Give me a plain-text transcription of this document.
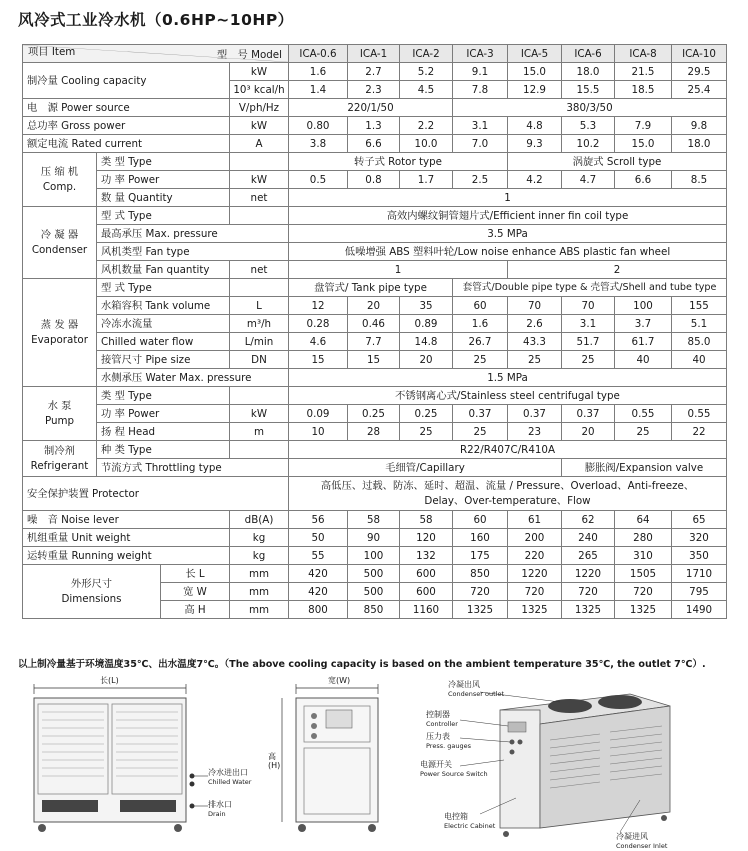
风冷式工业冷水机（0.6HP~10HP）
型　号 Model
项目 Item				ICA-0.6	ICA-1	ICA-2	ICA-3	ICA-5	ICA-6	ICA-8	ICA-10
制冷量 Cooling capacity			kW	1.6	2.7	5.2	9.1	15.0	18.0	21.5	29.5
			10³ kcal/h	1.4	2.3	4.5	7.8	12.9	15.5	18.5	25.4
电　源 Power source			V/ph/Hz	220/1/50			380/3/50				
总功率 Gross power			kW	0.80	1.3	2.2	3.1	4.8	5.3	7.9	9.8
额定电流 Rated current			A	3.8	6.6	10.0	7.0	9.3	10.2	15.0	18.0
压 缩 机
Comp.	类 型 Type			转子式 Rotor type				涡旋式 Scroll type			
	功 率 Power		kW	0.5	0.8	1.7	2.5	4.2	4.7	6.6	8.5
	数 量 Quantity		net	1							
冷 凝 器
Condenser	型 式 Type			高效内螺纹铜管翅片式/Efficient inner fin coil type							
	最高承压 Max. pressure			3.5 MPa							
	风机类型 Fan type			低噪增强 ABS 塑料叶轮/Low noise enhance ABS plastic fan wheel							
	风机数量 Fan quantity		net	1				2			
蒸 发 器
Evaporator	型 式 Type			盘管式/ Tank pipe type			套管式/Double pipe type & 壳管式/Shell and tube type				
	水箱容积 Tank volume		L	12	20	35	60	70	70	100	155
	冷冻水流量		m³/h	0.28	0.46	0.89	1.6	2.6	3.1	3.7	5.1
	Chilled water flow		L/min	4.6	7.7	14.8	26.7	43.3	51.7	61.7	85.0
	接管尺寸 Pipe size		DN	15	15	20	25	25	25	40	40
	水侧承压 Water Max. pressure			1.5 MPa							
水 泵
Pump	类 型 Type			不锈钢离心式/Stainless steel centrifugal type							
	功 率 Power		kW	0.09	0.25	0.25	0.37	0.37	0.37	0.55	0.55
	扬 程 Head		m	10	28	25	25	23	20	25	22
制冷剂
Refrigerant	种 类 Type			R22/R407C/R410A							
	节流方式 Throttling type			毛细管/Capillary					膨胀阀/Expansion valve		
安全保护装置 Protector				高低压、过载、防冻、延时、超温、流量 / Pressure、Overload、Anti-freeze、
Delay、Over-temperature、Flow							
噪　音 Noise lever			dB(A)	56	58	58	60	61	62	64	65
机组重量 Unit weight			kg	50	90	120	160	200	240	280	320
运转重量 Running weight			kg	55	100	132	175	220	265	310	350
外形尺寸
Dimensions		长 L	mm	420	500	600	850	1220	1220	1505	1710
		宽 W	mm	420	500	600	720	720	720	720	795
		高 H	mm	800	850	1160	1325	1325	1325	1325	1490
以上制冷量基于环境温度35℃、出水温度7℃。（The above cooling capacity is based on the ambient temperature 35℃, the outlet 7℃）.
长(L)
冷水进出口
Chilled Water
排水口
Drain
宽(W)
高(H)
冷凝出风
Condenser outlet
控制器
Controller
压力表
Press. gauges
电源开关
Power Source Switch
电控箱
Electric Cabinet
冷凝进风
Condenser Inlet
